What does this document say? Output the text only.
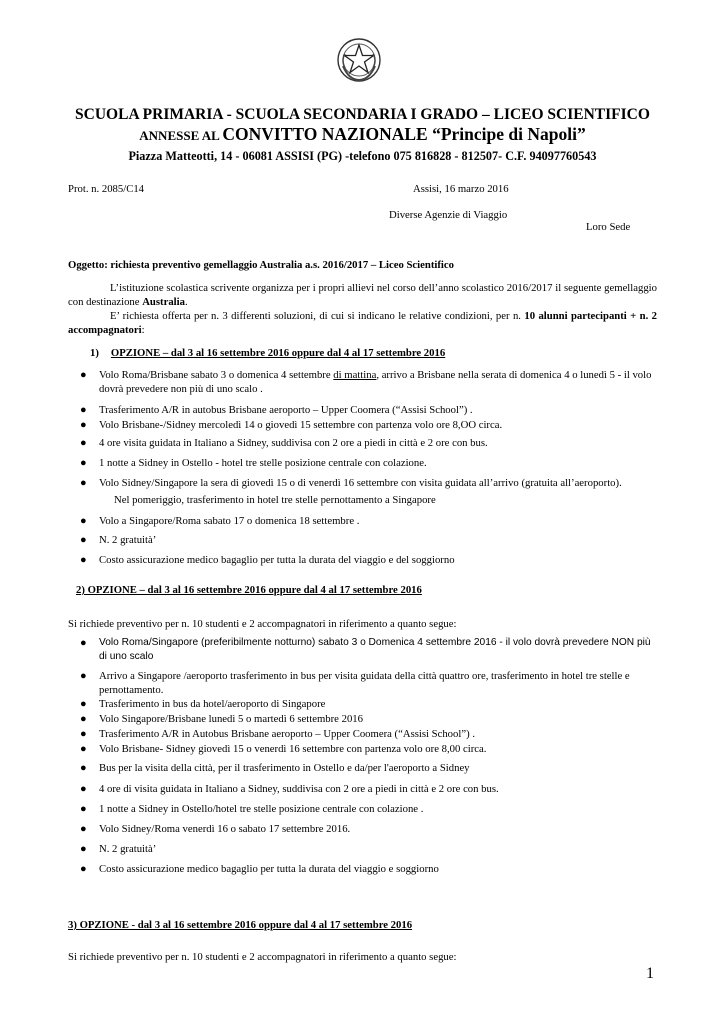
SCUOLA PRIMARIA - SCUOLA SECONDARIA I GRADO – LICEO SCIENTIFICO
ANNESSE AL CONVITTO NAZIONALE “Principe di Napoli”
Piazza Matteotti, 14 - 06081 ASSISI (PG) -telefono 075 816828 - 812507- C.F. 94097760543
Prot. n. 2085/C14	Assisi, 16 marzo 2016
Diverse Agenzie di Viaggio
Loro Sede
Oggetto: richiesta preventivo gemellaggio Australia a.s. 2016/2017 – Liceo Scientifico
L’istituzione scolastica scrivente organizza per i propri allievi nel corso dell’anno scolastico 2016/2017 il seguente gemellaggio con destinazione Australia.
E’ richiesta offerta per n. 3 differenti soluzioni, di cui si indicano le relative condizioni, per n. 10 alunni partecipanti + n. 2 accompagnatori:
1) OPZIONE – dal 3 al 16 settembre 2016 oppure dal 4 al 17 settembre 2016
● Volo Roma/Brisbane sabato 3 o domenica 4 settembre di mattina, arrivo a Brisbane nella serata di domenica 4 o lunedì 5 - il volo dovrà prevedere non più di uno scalo .
● Trasferimento A/R in autobus Brisbane aeroporto – Upper Coomera (“Assisi School”) .
● Volo Brisbane-/Sidney mercoledì 14 o giovedì 15 settembre con partenza volo ore 8,OO circa.
● 4 ore visita guidata in Italiano a Sidney, suddivisa con 2 ore a piedi in città e 2 ore con bus.
● 1 notte a Sidney in Ostello - hotel tre stelle posizione centrale con colazione.
● Volo Sidney/Singapore la sera di giovedì 15 o di venerdì 16 settembre con visita guidata all’arrivo (gratuita all’aeroporto).
Nel pomeriggio, trasferimento in hotel tre stelle pernottamento a Singapore
● Volo a Singapore/Roma sabato 17 o domenica 18 settembre .
● N. 2 gratuità’
● Costo assicurazione medico bagaglio per tutta la durata del viaggio e del soggiorno
2) OPZIONE – dal 3 al 16 settembre 2016 oppure dal 4 al 17 settembre 2016
Si richiede preventivo per n. 10 studenti e 2 accompagnatori in riferimento a quanto segue:
● Volo Roma/Singapore (preferibilmente notturno) sabato 3 o Domenica 4 settembre 2016 - il volo dovrà prevedere NON più di uno scalo
● Arrivo a Singapore /aeroporto trasferimento in bus per visita guidata della città quattro ore, trasferimento in hotel tre stelle e pernottamento.
● Trasferimento in bus da hotel/aeroporto di Singapore
● Volo Singapore/Brisbane lunedì 5 o martedì 6 settembre 2016
● Trasferimento A/R in Autobus Brisbane aeroporto – Upper Coomera (“Assisi School”) .
● Volo Brisbane- Sidney giovedì 15 o venerdì 16 settembre con partenza volo ore 8,00 circa.
● Bus per la visita della città, per il trasferimento in Ostello e da/per l'aeroporto a Sidney
● 4 ore di visita guidata in Italiano a Sidney, suddivisa con 2 ore a piedi in città e 2 ore con bus.
● 1 notte a Sidney in Ostello/hotel tre stelle posizione centrale con colazione .
● Volo Sidney/Roma venerdì 16 o sabato 17 settembre 2016.
● N. 2 gratuità’
● Costo assicurazione medico bagaglio per tutta la durata del viaggio e soggiorno
3) OPZIONE - dal 3 al 16 settembre 2016 oppure dal 4 al 17 settembre 2016
Si richiede preventivo per n. 10 studenti e 2 accompagnatori in riferimento a quanto segue:
1
